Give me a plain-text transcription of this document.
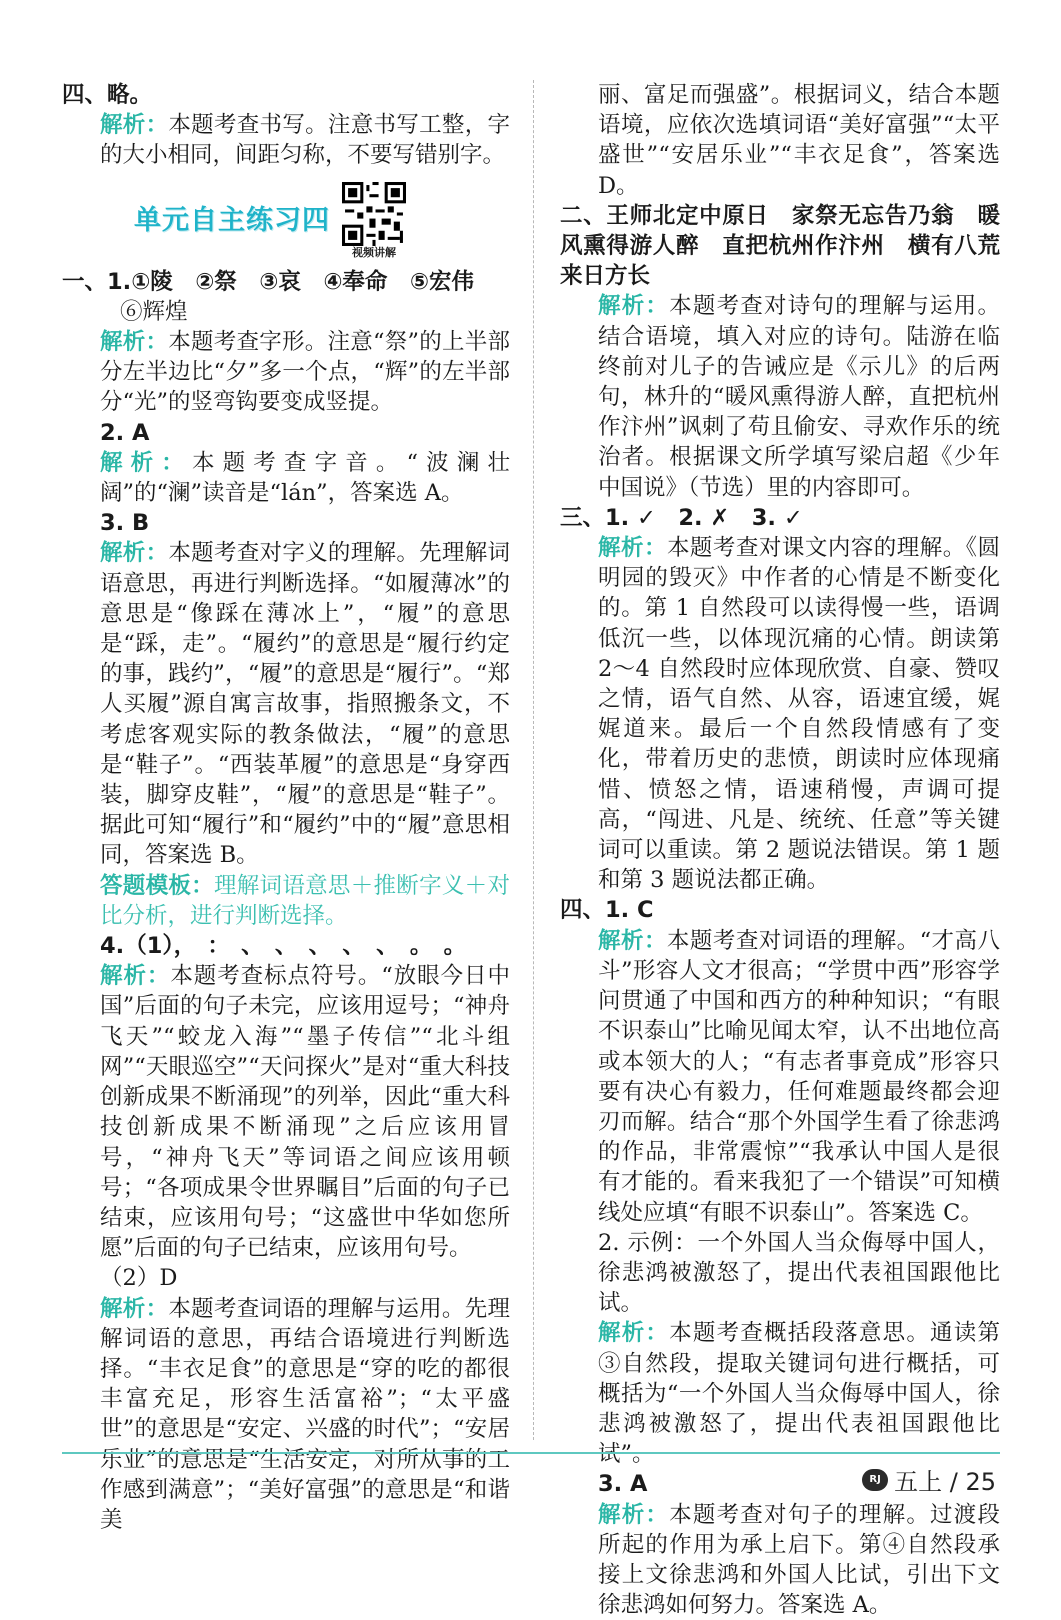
四、略。

解析：本题考查书写。注意书写工整，字的大小相同，间距匀称，不要写错别字。

单元自主练习四
视频讲解

一、1.①陵　②祭　③哀　④奉命　⑤宏伟

⑥辉煌

解析：本题考查字形。注意“祭”的上半部分左半边比“夕”多一个点，“辉”的左半部分“光”的竖弯钩要变成竖提。

2. A

解析：本题考查字音。“波澜壮阔”的“澜”读音是“lán”，答案选 A。

3. B

解析：本题考查对字义的理解。先理解词语意思，再进行判断选择。“如履薄冰”的意思是“像踩在薄冰上”，“履”的意思是“踩，走”。“履约”的意思是“履行约定的事，践约”，“履”的意思是“履行”。“郑人买履”源自寓言故事，指照搬条文，不考虑客观实际的教条做法，“履”的意思是“鞋子”。“西装革履”的意思是“身穿西装，脚穿皮鞋”，“履”的意思是“鞋子”。据此可知“履行”和“履约”中的“履”意思相同，答案选 B。

答题模板：理解词语意思＋推断字义＋对比分析，进行判断选择。

4.（1），　：　、　、　、　、　、　。　。

解析：本题考查标点符号。“放眼今日中国”后面的句子未完，应该用逗号；“神舟飞天”“蛟龙入海”“墨子传信”“北斗组网”“天眼巡空”“天问探火”是对“重大科技创新成果不断涌现”的列举，因此“重大科技创新成果不断涌现”之后应该用冒号，“神舟飞天”等词语之间应该用顿号；“各项成果令世界瞩目”后面的句子已结束，应该用句号；“这盛世中华如您所愿”后面的句子已结束，应该用句号。

（2）D

解析：本题考查词语的理解与运用。先理解词语的意思，再结合语境进行判断选择。“丰衣足食”的意思是“穿的吃的都很丰富充足，形容生活富裕”；“太平盛世”的意思是“安定、兴盛的时代”；“安居乐业”的意思是“生活安定，对所从事的工作感到满意”；“美好富强”的意思是“和谐美

丽、富足而强盛”。根据词义，结合本题语境，应依次选填词语“美好富强”“太平盛世”“安居乐业”“丰衣足食”，答案选 D。

二、王师北定中原日　家祭无忘告乃翁　暖风熏得游人醉　直把杭州作汴州　横有八荒　来日方长

解析：本题考查对诗句的理解与运用。结合语境，填入对应的诗句。陆游在临终前对儿子的告诫应是《示儿》的后两句，林升的“暖风熏得游人醉，直把杭州作汴州”讽刺了苟且偷安、寻欢作乐的统治者。根据课文所学填写梁启超《少年中国说》（节选）里的内容即可。

三、1. ✓　2. ✗　3. ✓

解析：本题考查对课文内容的理解。《圆明园的毁灭》中作者的心情是不断变化的。第 1 自然段可以读得慢一些，语调低沉一些，以体现沉痛的心情。朗读第 2～4 自然段时应体现欣赏、自豪、赞叹之情，语气自然、从容，语速宜缓，娓娓道来。最后一个自然段情感有了变化，带着历史的悲愤，朗读时应体现痛惜、愤怒之情，语速稍慢，声调可提高，“闯进、凡是、统统、任意”等关键词可以重读。第 2 题说法错误。第 1 题和第 3 题说法都正确。

四、1. C

解析：本题考查对词语的理解。“才高八斗”形容人文才很高；“学贯中西”形容学问贯通了中国和西方的种种知识；“有眼不识泰山”比喻见闻太窄，认不出地位高或本领大的人；“有志者事竟成”形容只要有决心有毅力，任何难题最终都会迎刃而解。结合“那个外国学生看了徐悲鸿的作品，非常震惊”“我承认中国人是很有才能的。看来我犯了一个错误”可知横线处应填“有眼不识泰山”。答案选 C。

2. 示例：一个外国人当众侮辱中国人，徐悲鸿被激怒了，提出代表祖国跟他比试。

解析：本题考查概括段落意思。通读第③自然段，提取关键词句进行概括，可概括为“一个外国人当众侮辱中国人，徐悲鸿被激怒了，提出代表祖国跟他比试”。

3. A

解析：本题考查对句子的理解。过渡段所起的作用为承上启下。第④自然段承接上文徐悲鸿和外国人比试，引出下文徐悲鸿如何努力。答案选 A。

RJ 五上 / 25
